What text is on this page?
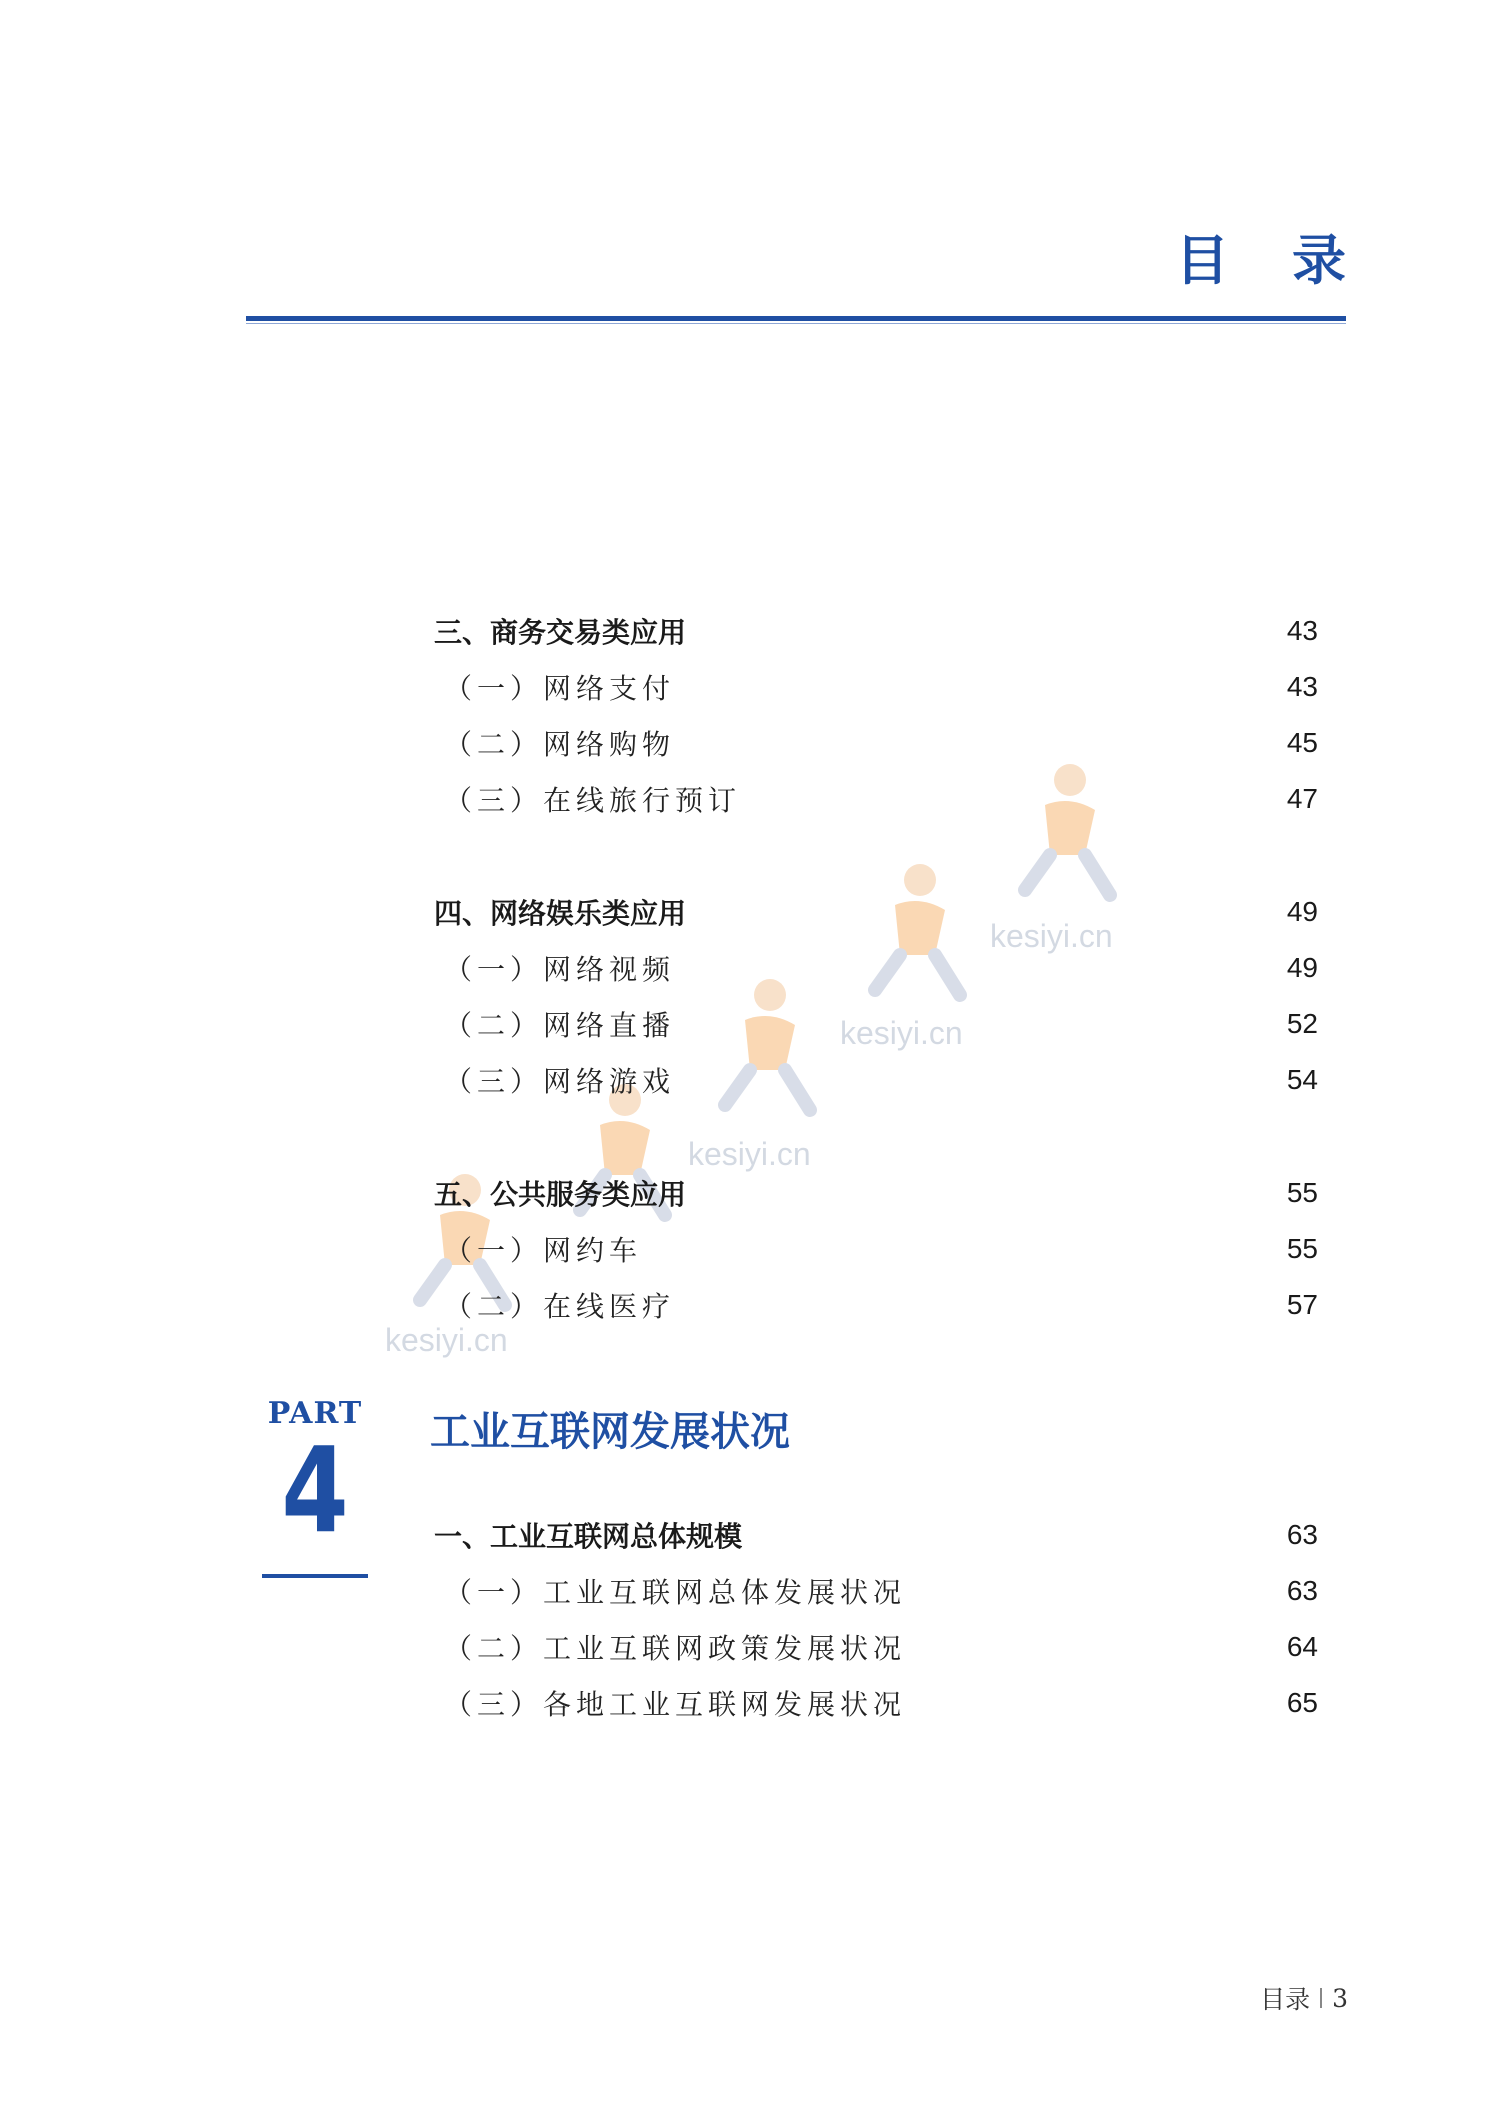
目 录
kesiyi.cn
kesiyi.cn
kesiyi.cn
kesiyi.cn
三、商务交易类应用	43
（一）网络支付	43
（二）网络购物	45
（三）在线旅行预订	47
四、网络娱乐类应用	49
（一）网络视频	49
（二）网络直播	52
（三）网络游戏	54
五、公共服务类应用	55
（一）网约车	55
（二）在线医疗	57
PART
4 工业互联网发展状况
一、工业互联网总体规模	63
（一）工业互联网总体发展状况	63
（二）工业互联网政策发展状况	64
（三）各地工业互联网发展状况	65
目录 3
